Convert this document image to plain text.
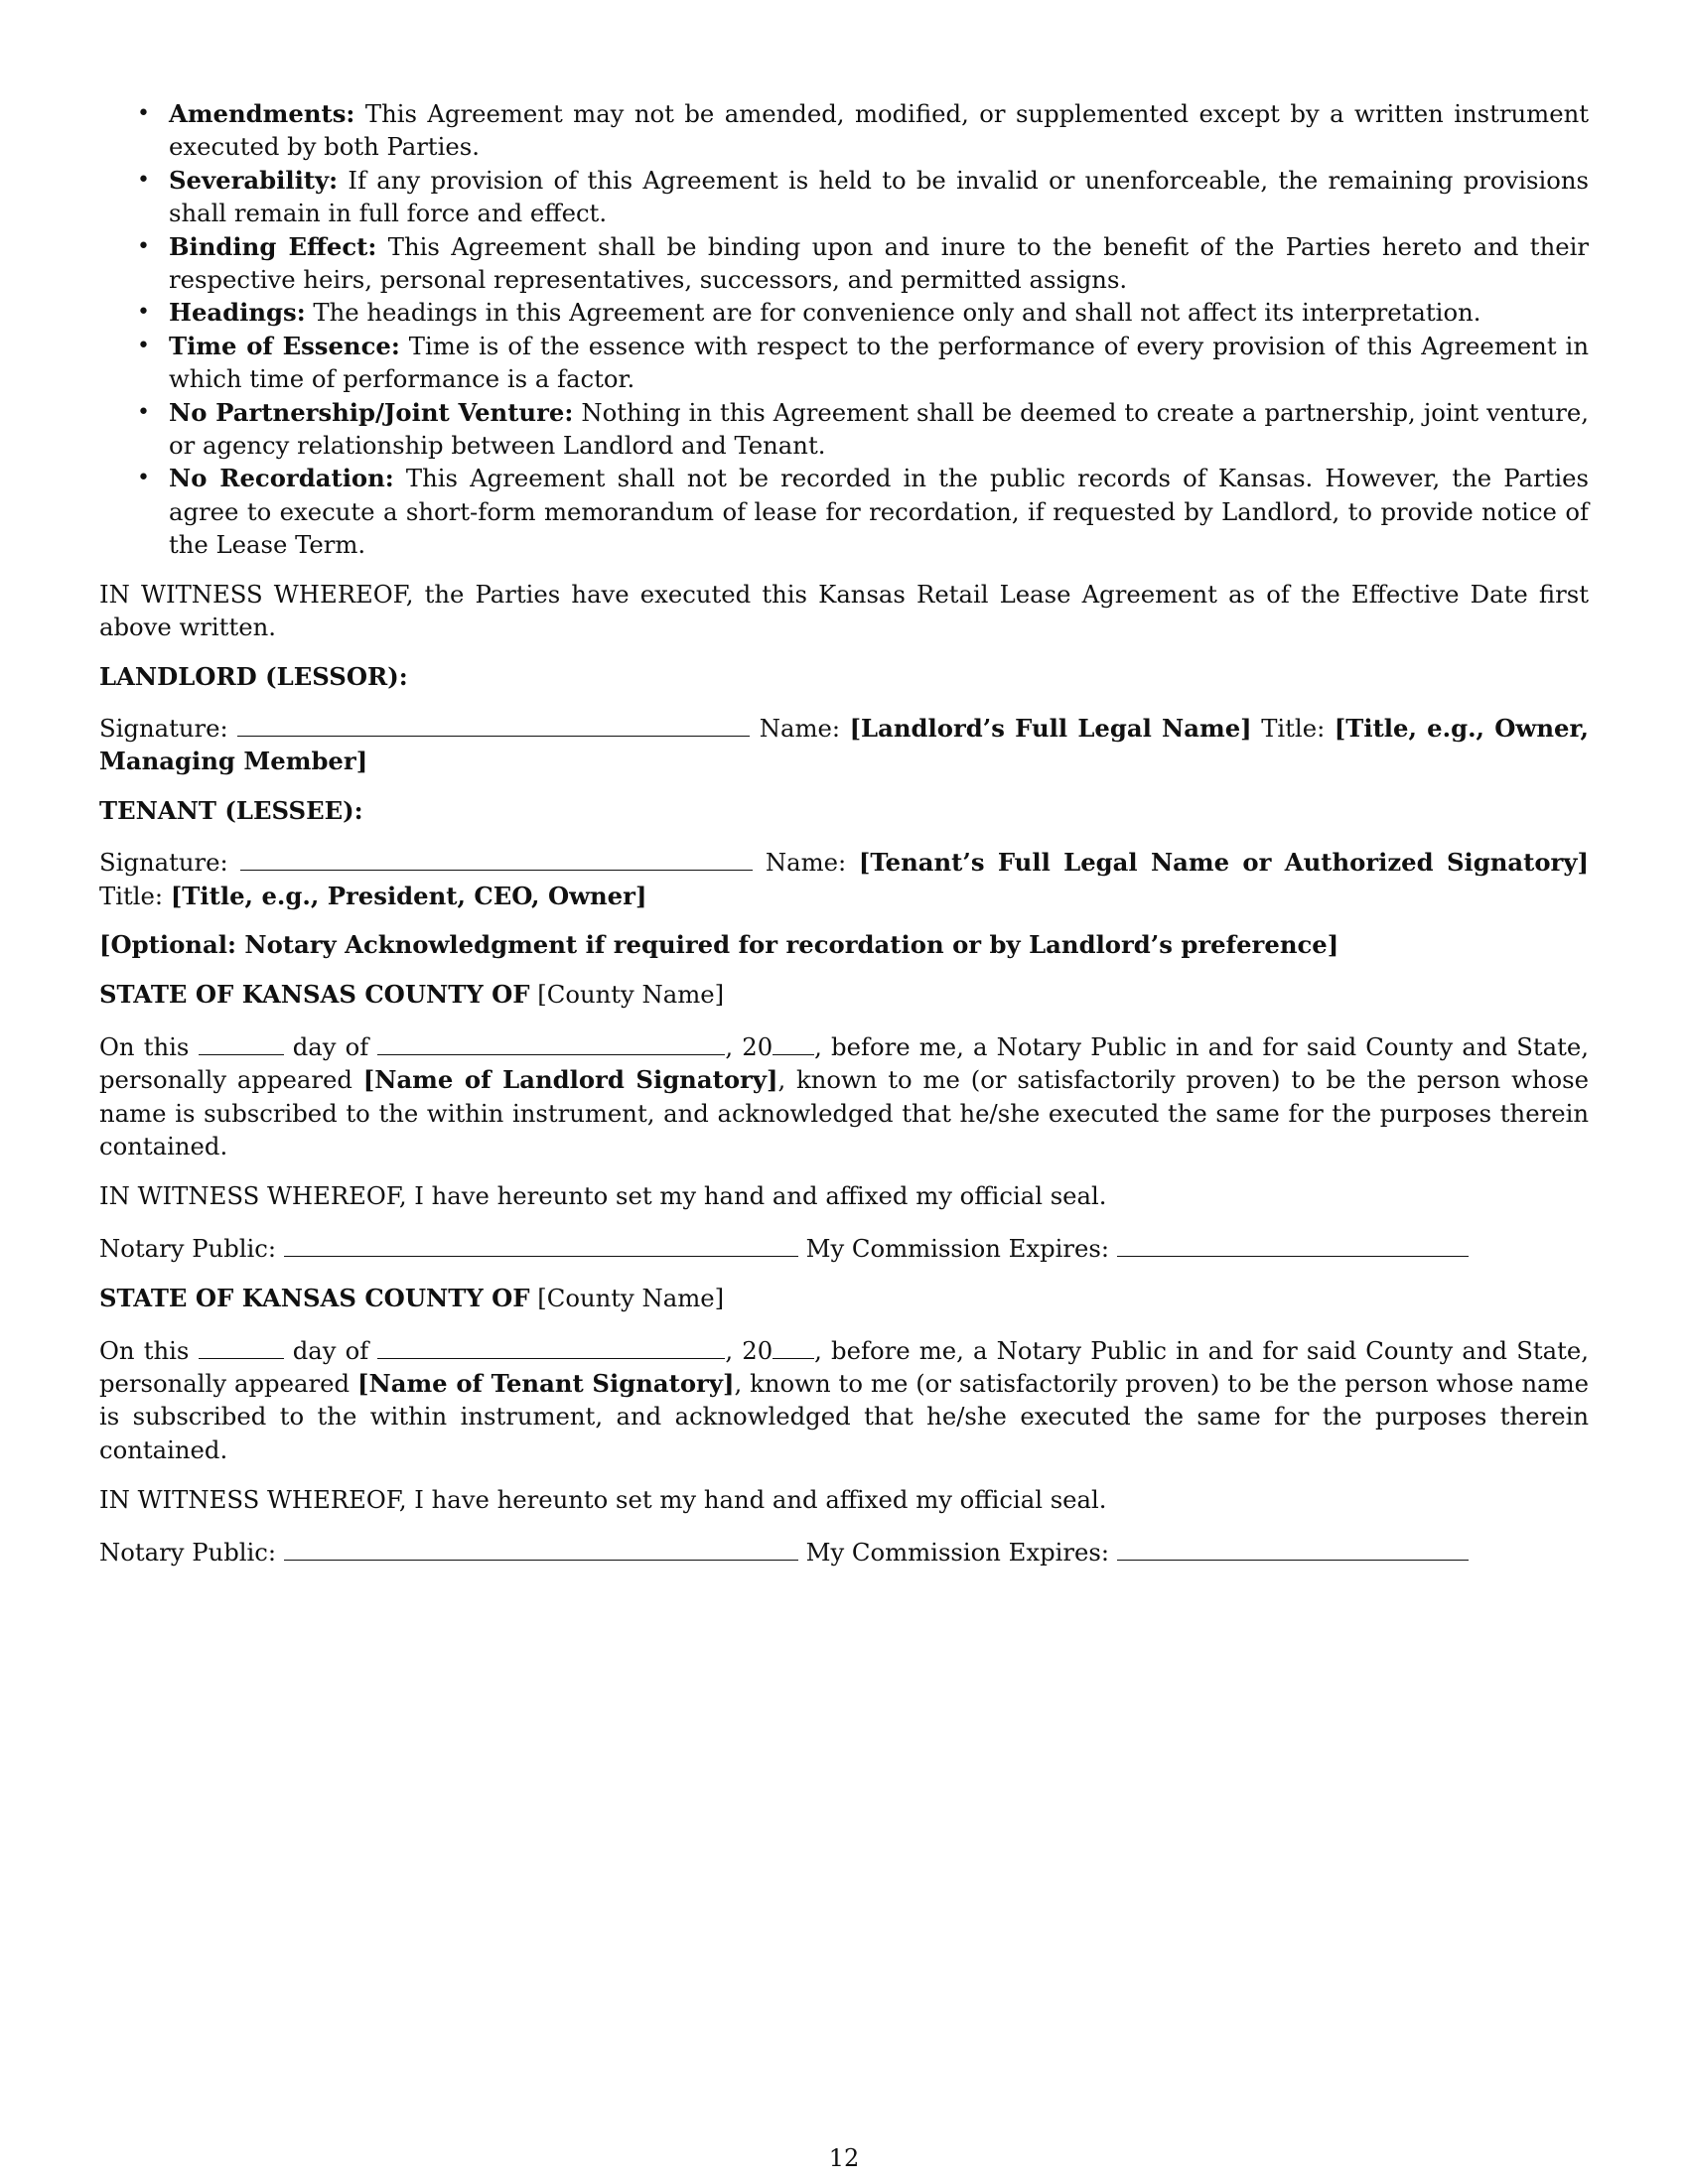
• Amendments: This Agreement may not be amended, modified, or supplemented except by a written instrument executed by both Parties.
• Severability: If any provision of this Agreement is held to be invalid or unenforceable, the remaining provisions shall remain in full force and effect.
• Binding Effect: This Agreement shall be binding upon and inure to the benefit of the Parties hereto and their respective heirs, personal representatives, successors, and permitted assigns.
• Headings: The headings in this Agreement are for convenience only and shall not affect its interpretation.
• Time of Essence: Time is of the essence with respect to the performance of every provision of this Agreement in which time of performance is a factor.
• No Partnership/Joint Venture: Nothing in this Agreement shall be deemed to create a partnership, joint venture, or agency relationship between Landlord and Tenant.
• No Recordation: This Agreement shall not be recorded in the public records of Kansas. However, the Parties agree to execute a short-form memorandum of lease for recordation, if requested by Landlord, to provide notice of the Lease Term.

IN WITNESS WHEREOF, the Parties have executed this Kansas Retail Lease Agreement as of the Effective Date first above written.

LANDLORD (LESSOR):

Signature:	Name: [Landlord’s Full Legal Name] Title: [Title, e.g., Owner, Managing Member]

TENANT (LESSEE):

Signature:	Name: [Tenant’s Full Legal Name or Authorized Signatory] Title: [Title, e.g., President, CEO, Owner]

[Optional: Notary Acknowledgment if required for recordation or by Landlord’s preference]

STATE OF KANSAS COUNTY OF [County Name]

On this	day of	, 20 , before me, a Notary Public in and for said County and State, personally appeared [Name of Landlord Signatory], known to me (or satisfactorily proven) to be the person whose name is subscribed to the within instrument, and acknowledged that he/she executed the same for the purposes therein contained.

IN WITNESS WHEREOF, I have hereunto set my hand and affixed my official seal.

Notary Public:	My Commission Expires:

STATE OF KANSAS COUNTY OF [County Name]

On this	day of	, 20 , before me, a Notary Public in and for said County and State, personally appeared [Name of Tenant Signatory], known to me (or satisfactorily proven) to be the person whose name is subscribed to the within instrument, and acknowledged that he/she executed the same for the purposes therein contained.

IN WITNESS WHEREOF, I have hereunto set my hand and affixed my official seal.

Notary Public:	My Commission Expires:

12
